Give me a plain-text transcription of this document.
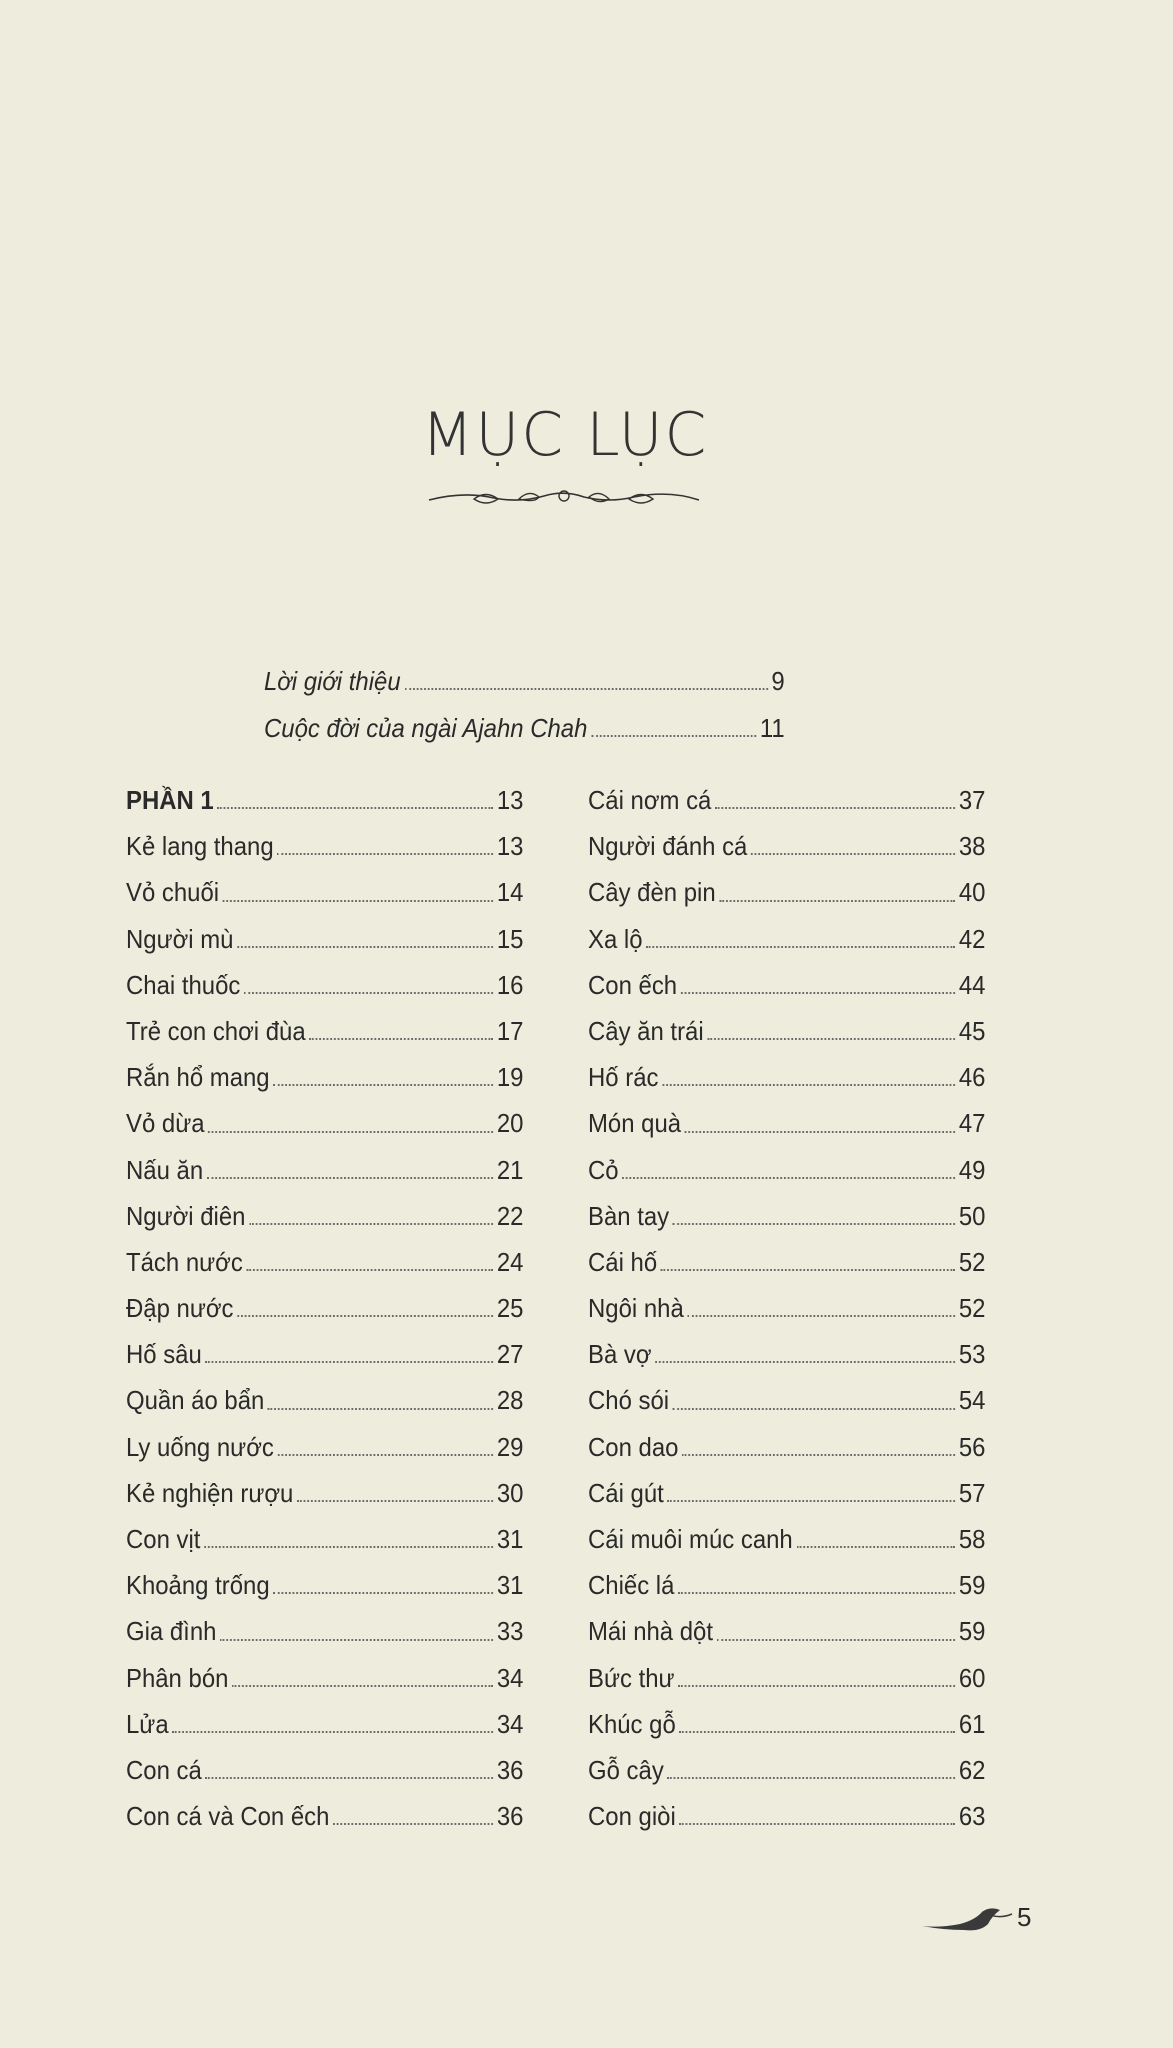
MỤC LỤC
Lời giới thiệu	9
Cuộc đời của ngài Ajahn Chah	11
PHẦN 1	13
Kẻ lang thang	13
Vỏ chuối	14
Người mù	15
Chai thuốc	16
Trẻ con chơi đùa	17
Rắn hổ mang	19
Vỏ dừa	20
Nấu ăn	21
Người điên	22
Tách nước	24
Đập nước	25
Hố sâu	27
Quần áo bẩn	28
Ly uống nước	29
Kẻ nghiện rượu	30
Con vịt	31
Khoảng trống	31
Gia đình	33
Phân bón	34
Lửa	34
Con cá	36
Con cá và Con ếch	36
Cái nơm cá	37
Người đánh cá	38
Cây đèn pin	40
Xa lộ	42
Con ếch	44
Cây ăn trái	45
Hố rác	46
Món quà	47
Cỏ	49
Bàn tay	50
Cái hố	52
Ngôi nhà	52
Bà vợ	53
Chó sói	54
Con dao	56
Cái gút	57
Cái muôi múc canh	58
Chiếc lá	59
Mái nhà dột	59
Bức thư	60
Khúc gỗ	61
Gỗ cây	62
Con giòi	63
5
